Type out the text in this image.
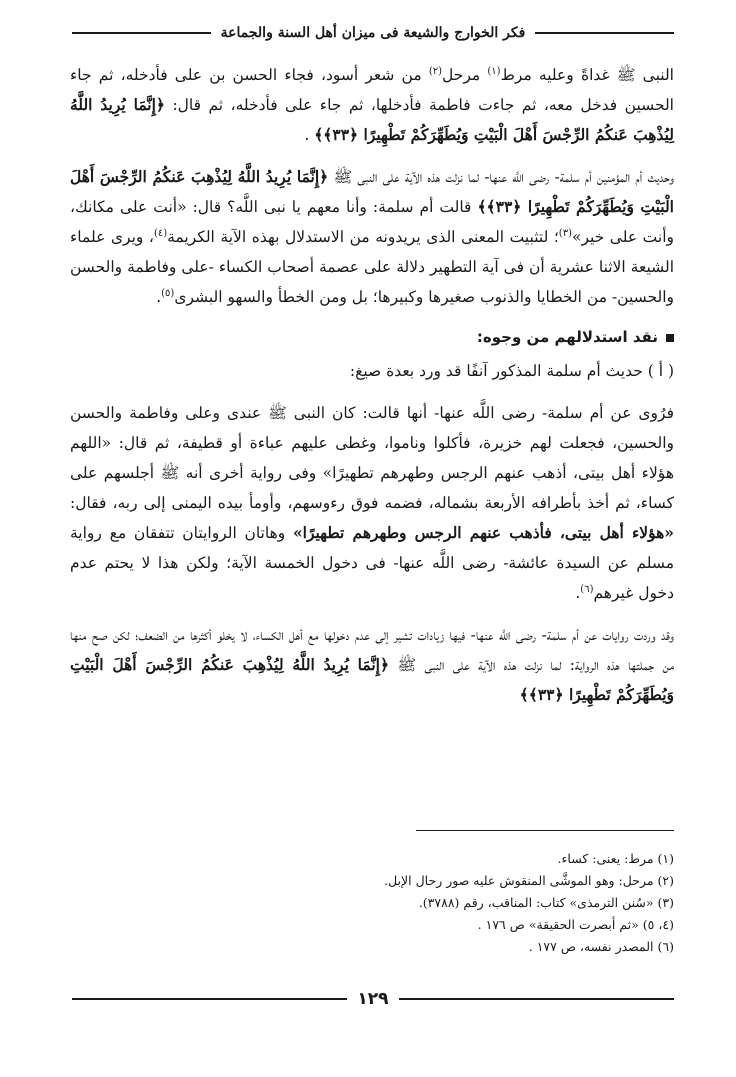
فكر الخوارج والشيعة فى ميزان أهل السنة والجماعة

النبى ﷺ غداةً وعليه مرط$^{(١)}$ مرحل$^{(٢)}$ من شعر أسود، فجاء الحسن بن على فأدخله، ثم جاء الحسين فدخل معه، ثم جاءت فاطمة فأدخلها، ثم جاء على فأدخله، ثم قال: ﴿إِنَّمَا يُرِيدُ اللَّهُ لِيُذْهِبَ عَنكُمُ الرِّجْسَ أَهْلَ الْبَيْتِ وَيُطَهِّرَكُمْ تَطْهِيرًا ﴿٣٣﴾﴾ .

وحديث أم المؤمنين أم سلمة- رضى اللَّه عنها- لما نزلت هذه الآية على النبى ﷺ ﴿إِنَّمَا يُرِيدُ اللَّهُ لِيُذْهِبَ عَنكُمُ الرِّجْسَ أَهْلَ الْبَيْتِ وَيُطَهِّرَكُمْ تَطْهِيرًا ﴿٣٣﴾﴾ قالت أم سلمة: وأنا معهم يا نبى اللَّه؟ قال: «أنت على مكانك، وأنت على خير»$^{(٣)}$؛ لتثبيت المعنى الذى يريدونه من الاستدلال بهذه الآية الكريمة$^{(٤)}$، ويرى علماء الشيعة الاثنا عشرية أن فى آية التطهير دلالة على عصمة أصحاب الكساء -على وفاطمة والحسن والحسين- من الخطايا والذنوب صغيرها وكبيرها؛ بل ومن الخطأ والسهو البشرى$^{(٥)}$.

نقد استدلالهم من وجوه:

( أ ) حديث أم سلمة المذكور آنفًا قد ورد بعدة صيغ:

فرُوى عن أم سلمة- رضى اللَّه عنها- أنها قالت: كان النبى ﷺ عندى وعلى وفاطمة والحسن والحسين، فجعلت لهم خزيرة، فأكلوا وناموا، وغطى عليهم عباءة أو قطيفة، ثم قال: «اللهم هؤلاء أهل بيتى، أذهب عنهم الرجس وطهرهم تطهيرًا» وفى رواية أخرى أنه ﷺ أجلسهم على كساء، ثم أخذ بأطرافه الأربعة بشماله، فضمه فوق رءوسهم، وأومأ بيده اليمنى إلى ربه، فقال: «هؤلاء أهل بيتى، فأذهب عنهم الرجس وطهرهم تطهيرًا» وهاتان الروايتان تتفقان مع رواية مسلم عن السيدة عائشة- رضى اللَّه عنها- فى دخول الخمسة الآية؛ ولكن هذا لا يحتم عدم دخول غيرهم$^{(٦)}$.

وقد وردت روايات عن أم سلمة- رضى اللَّه عنها- فيها زيادات تشير إلى عدم دخولها مع أهل الكساء، لا يخلو أكثرها من الضعف؛ لكن صح منها من جملتها هذه الرواية: لما نزلت هذه الآية على النبى ﷺ ﴿إِنَّمَا يُرِيدُ اللَّهُ لِيُذْهِبَ عَنكُمُ الرِّجْسَ أَهْلَ الْبَيْتِ وَيُطَهِّرَكُمْ تَطْهِيرًا ﴿٣٣﴾﴾

(١) مرط: يعنى: كساء.
(٢) مرحل: وهو الموشَّى المنقوش عليه صور رحال الإبل.
(٣) «سُنن الترمذى» كتاب: المناقب، رقم (٣٧٨٨).
(٤، ٥) «ثم أبصرت الحقيقة» ص ١٧٦ .
(٦) المصدر نفسه، ص ١٧٧ .
١٢٩
